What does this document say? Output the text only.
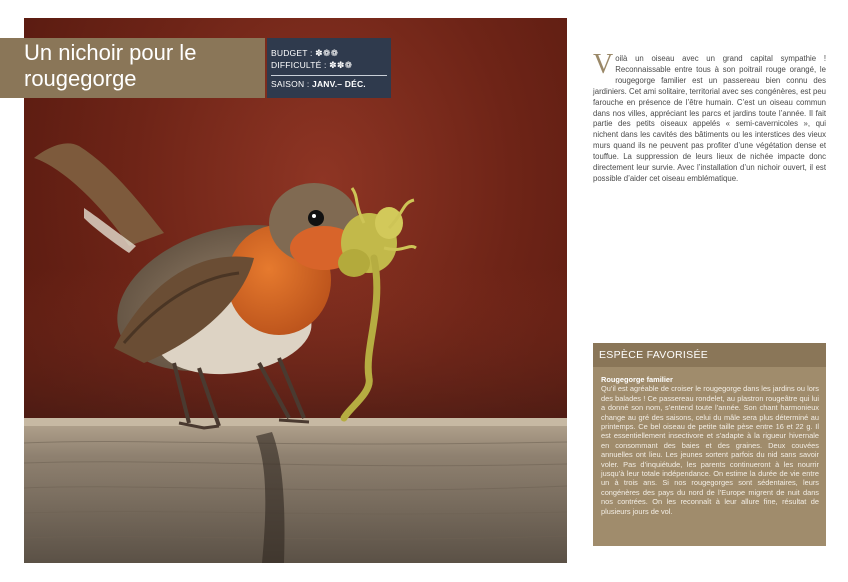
Un nichoir pour le rougegorge
BUDGET : ✽❁❁
DIFFICULTÉ : ✽✽❁
SAISON : JANV.– DÉC.
Voilà un oiseau avec un grand capital sympathie ! Reconnaissable entre tous à son poitrail rouge orangé, le rougegorge familier est un passereau bien connu des jardiniers. Cet ami solitaire, territorial avec ses congénères, est peu farouche en présence de l’être humain. C’est un oiseau commun dans nos villes, appréciant les parcs et jardins toute l’année. Il fait partie des petits oiseaux appelés « semi-cavernicoles », qui nichent dans les cavités des bâtiments ou les interstices des vieux murs quand ils ne peuvent pas profiter d’une végétation dense et touffue. La suppression de leurs lieux de nichée impacte donc directement leur survie. Avec l’installation d’un nichoir ouvert, il est possible d’aider cet oiseau emblématique.
ESPÈCE FAVORISÉE
Rougegorge familier
Qu’il est agréable de croiser le rougegorge dans les jardins ou lors des balades ! Ce passereau rondelet, au plastron rougeâtre qui lui a donné son nom, s’entend toute l’année. Son chant harmonieux change au gré des saisons, celui du mâle sera plus déterminé au printemps. Ce bel oiseau de petite taille pèse entre 16 et 22 g. Il est essentiellement insectivore et s’adapte à la rigueur hivernale en consommant des baies et des graines. Deux couvées annuelles ont lieu. Les jeunes sortent parfois du nid sans savoir voler. Pas d’inquiétude, les parents continueront à les nourrir jusqu’à leur totale indépendance. On estime la durée de vie entre un à trois ans. Si nos rougegorges sont sédentaires, leurs congénères des pays du nord de l’Europe migrent de nuit dans nos contrées. On les reconnaît à leur allure fine, résultat de plusieurs jours de vol.
